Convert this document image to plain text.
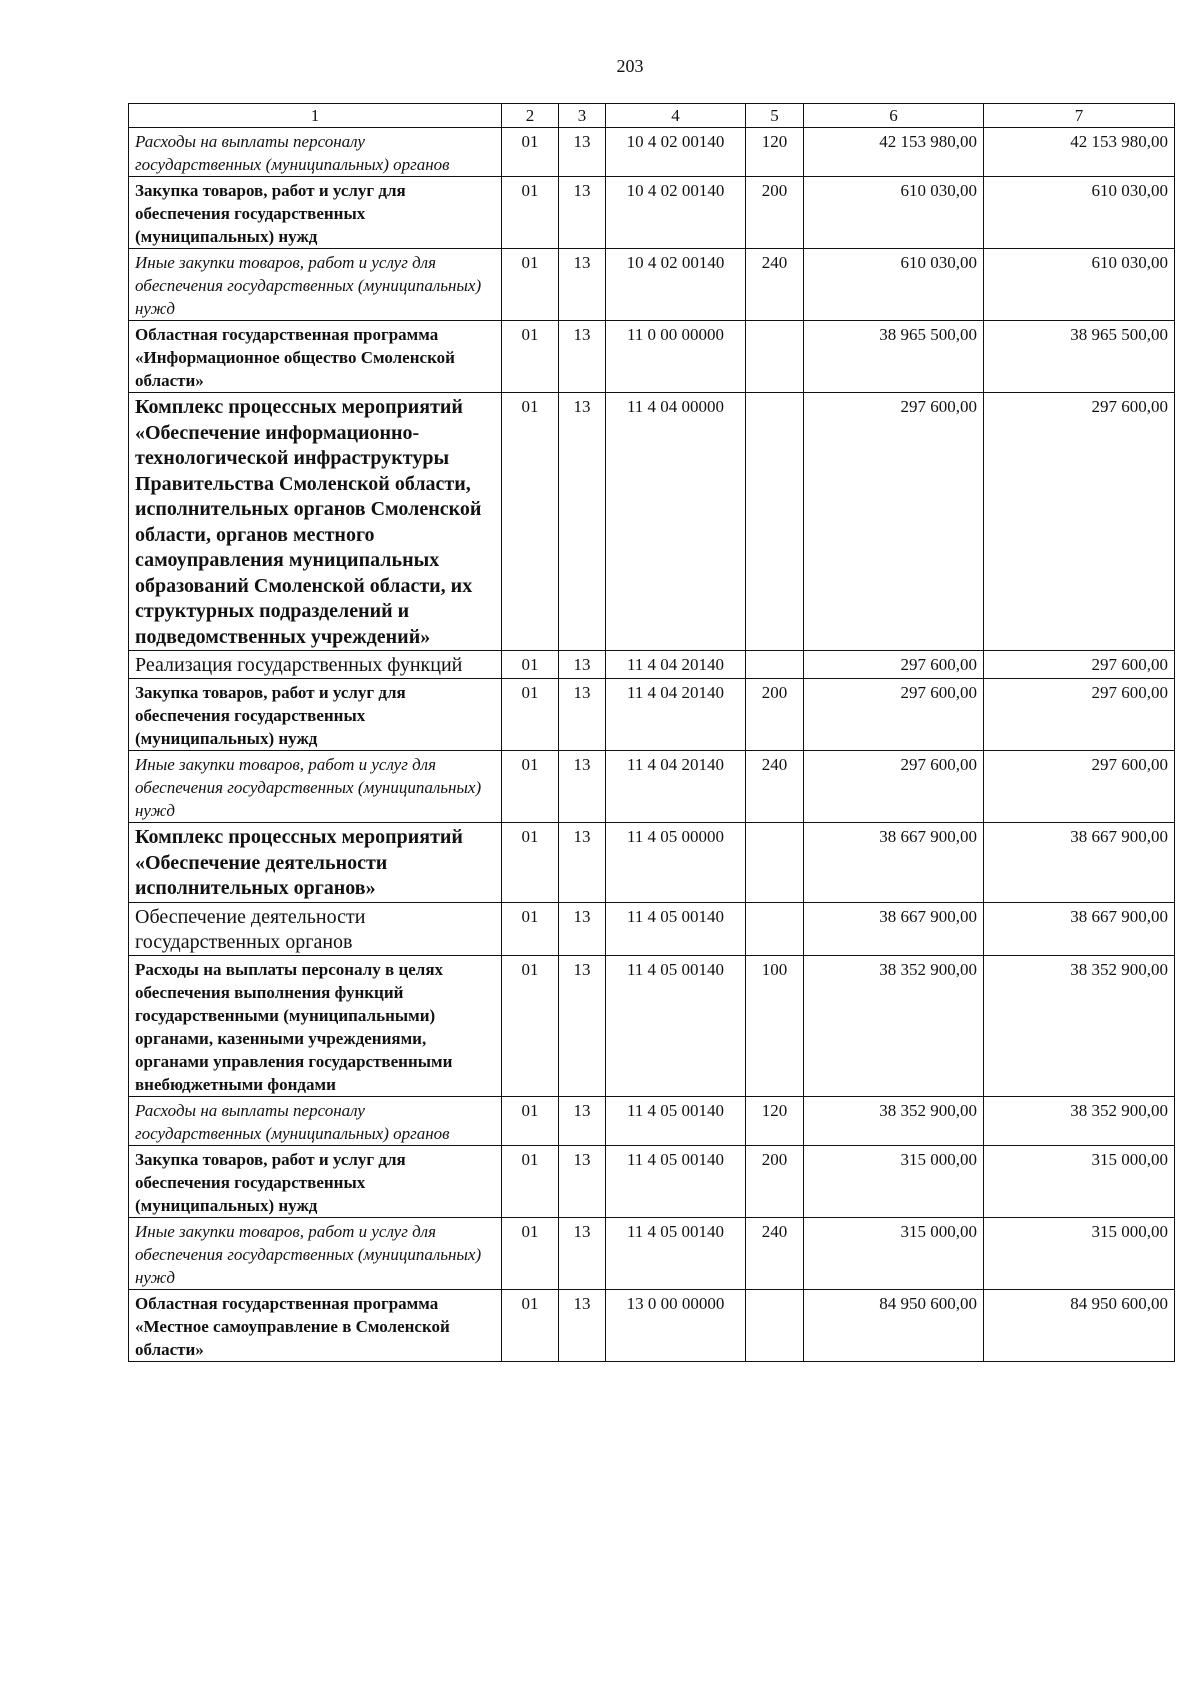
203
1	2	3	4	5	6	7
Расходы на выплаты персоналу государственных (муниципальных) органов	01	13	10 4 02 00140	120	42 153 980,00	42 153 980,00
Закупка товаров, работ и услуг для обеспечения государственных (муниципальных) нужд	01	13	10 4 02 00140	200	610 030,00	610 030,00
Иные закупки товаров, работ и услуг для обеспечения государственных (муниципальных) нужд	01	13	10 4 02 00140	240	610 030,00	610 030,00
Областная государственная программа «Информационное общество Смоленской области»	01	13	11 0 00 00000		38 965 500,00	38 965 500,00
Комплекс процессных мероприятий «Обеспечение информационно-технологической инфраструктуры Правительства Смоленской области, исполнительных органов Смоленской области, органов местного самоуправления муниципальных образований Смоленской области, их структурных подразделений и подведомственных учреждений»	01	13	11 4 04 00000		297 600,00	297 600,00
Реализация государственных функций	01	13	11 4 04 20140		297 600,00	297 600,00
Закупка товаров, работ и услуг для обеспечения государственных (муниципальных) нужд	01	13	11 4 04 20140	200	297 600,00	297 600,00
Иные закупки товаров, работ и услуг для обеспечения государственных (муниципальных) нужд	01	13	11 4 04 20140	240	297 600,00	297 600,00
Комплекс процессных мероприятий «Обеспечение деятельности исполнительных органов»	01	13	11 4 05 00000		38 667 900,00	38 667 900,00
Обеспечение деятельности государственных органов	01	13	11 4 05 00140		38 667 900,00	38 667 900,00
Расходы на выплаты персоналу в целях обеспечения выполнения функций государственными (муниципальными) органами, казенными учреждениями, органами управления государственными внебюджетными фондами	01	13	11 4 05 00140	100	38 352 900,00	38 352 900,00
Расходы на выплаты персоналу государственных (муниципальных) органов	01	13	11 4 05 00140	120	38 352 900,00	38 352 900,00
Закупка товаров, работ и услуг для обеспечения государственных (муниципальных) нужд	01	13	11 4 05 00140	200	315 000,00	315 000,00
Иные закупки товаров, работ и услуг для обеспечения государственных (муниципальных) нужд	01	13	11 4 05 00140	240	315 000,00	315 000,00
Областная государственная программа «Местное самоуправление в Смоленской области»	01	13	13 0 00 00000		84 950 600,00	84 950 600,00
